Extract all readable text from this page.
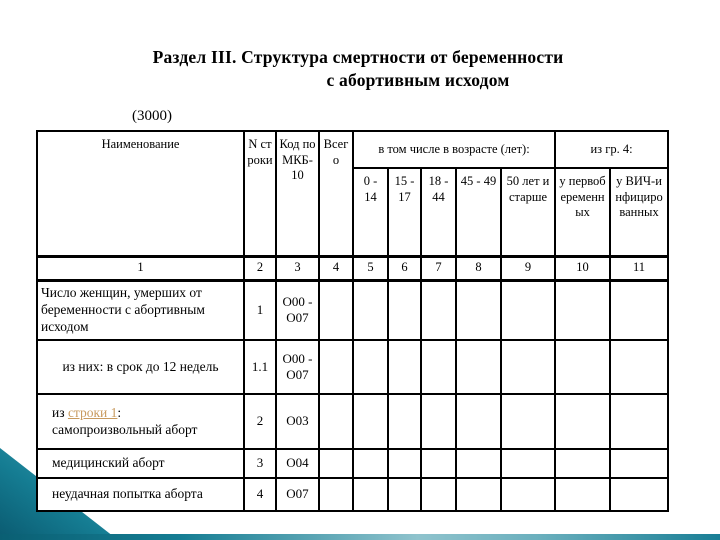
Раздел III. Структура смертности от беременности
с абортивным исходом
(3000)
Наименование	N строки	Код по МКБ-10	Всего	в том числе в возрасте (лет):					из гр. 4:	
				0 - 14	15 - 17	18 - 44	45 - 49	50 лет и старше	у первобеременных	у ВИЧ-инфицированных
1	2	3	4	5	6	7	8	9	10	11
Число женщин, умерших от беременности с абортивным исходом	1	О00 - О07								
из них: в срок до 12 недель	1.1	О00 - О07								
из строки 1:
самопроизвольный аборт	2	О03								
медицинский аборт	3	О04								
неудачная попытка аборта	4	О07								
